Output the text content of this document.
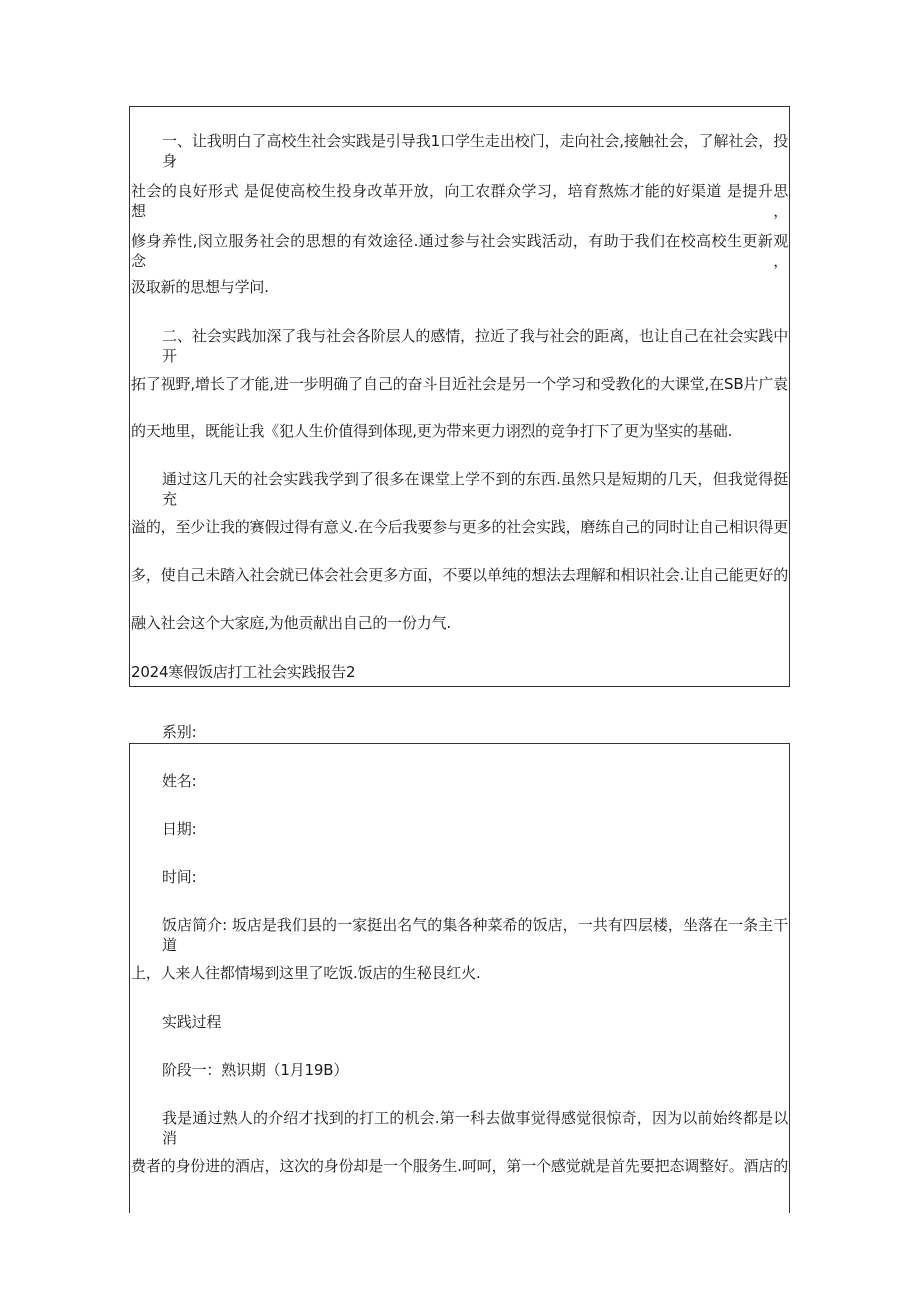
一、让我明白了高校生社会实践是引导我1口学生走出校门，走向社会,接触社会，了解社会，投身
社会的良好形式 是促使高校生投身改革开放，向工农群众学习，培育熬炼才能的好渠道 是提升思想，
修身养性,闵立服务社会的思想的有效途径.通过参与社会实践活动，有助于我们在校高校生更新观念，
汲取新的思想与学问.
二、社会实践加深了我与社会各阶层人的感情，拉近了我与社会的距离，也让自己在社会实践中开
拓了视野,增长了才能,进一步明确了自己的奋斗目近社会是另一个学习和受教化的大课堂,在SB片广袁
的天地里，既能让我《犯人生价值得到体现,更为带来更力诩烈的竞争打下了更为坚实的基础.
通过这几天的社会实践我学到了很多在课堂上学不到的东西.虽然只是短期的几天，但我觉得挺充
溢的，至少让我的赛假过得有意义.在今后我要参与更多的社会实践，磨练自己的同时让自己相识得更
多，使自己未踏入社会就已体会社会更多方面，不要以单纯的想法去理解和相识社会.让自己能更好的
融入社会这个大家庭,为他贡献出自己的一份力气.
2024寒假饭店打工社会实践报告2
系别:
姓名:
日期:
时间:
饭店简介: 坂店是我们县的一家挺出名气的集各种菜希的饭店，一共有四层楼，坐落在一条主干道
上，人来人往都情埸到这里了吃饭.饭店的生秘艮红火.
实践过程
阶段一：熟识期（1月19B）
我是通过熟人的介绍才找到的打工的机会.第一科去做事觉得感觉很惊奇，因为以前始终都是以消
费者的身份进的酒店，这次的身份却是一个服务生.呵呵，第一个感觉就是首先要把态调整好。酒店的
